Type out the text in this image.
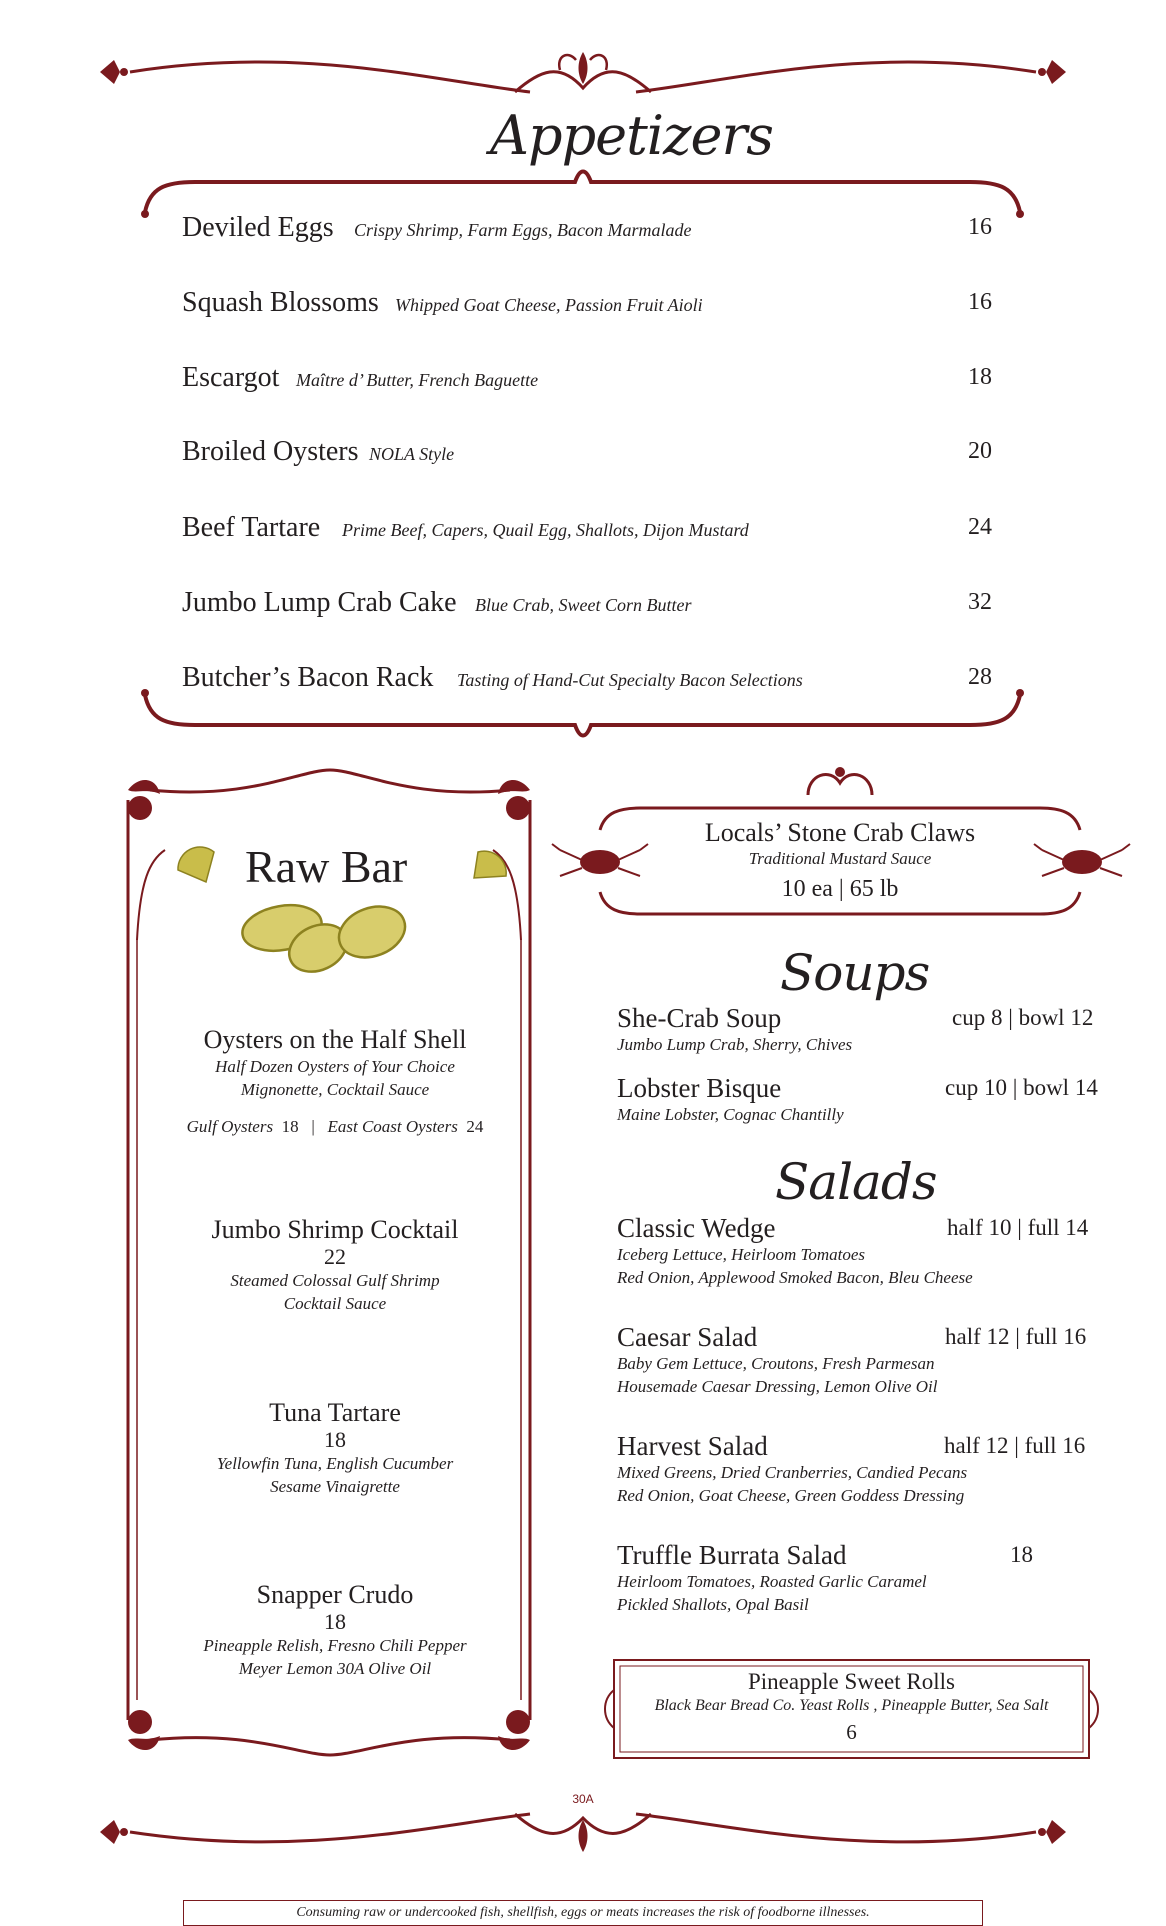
Appetizers
Deviled Eggs Crispy Shrimp, Farm Eggs, Bacon Marmalade	16
Squash Blossoms Whipped Goat Cheese, Passion Fruit Aioli	16
Escargot Maître d’ Butter, French Baguette	18
Broiled Oysters NOLA Style	20
Beef Tartare Prime Beef, Capers, Quail Egg, Shallots, Dijon Mustard	24
Jumbo Lump Crab Cake Blue Crab, Sweet Corn Butter	32
Butcher’s Bacon Rack Tasting of Hand-Cut Specialty Bacon Selections	28
Raw Bar
Oysters on the Half Shell
Half Dozen Oysters of Your Choice
Mignonette, Cocktail Sauce
Gulf Oysters 18 | East Coast Oysters 24
Jumbo Shrimp Cocktail
22
Steamed Colossal Gulf Shrimp
Cocktail Sauce
Tuna Tartare
18
Yellowfin Tuna, English Cucumber
Sesame Vinaigrette
Snapper Crudo
18
Pineapple Relish, Fresno Chili Pepper
Meyer Lemon 30A Olive Oil
Locals’ Stone Crab Claws
Traditional Mustard Sauce
10 ea | 65 lb
Soups
She-Crab Soup
Jumbo Lump Crab, Sherry, Chives
cup 8 | bowl 12
Lobster Bisque
Maine Lobster, Cognac Chantilly
cup 10 | bowl 14
Salads
Classic Wedge
Iceberg Lettuce, Heirloom Tomatoes
Red Onion, Applewood Smoked Bacon, Bleu Cheese
half 10 | full 14
Caesar Salad
Baby Gem Lettuce, Croutons, Fresh Parmesan
Housemade Caesar Dressing, Lemon Olive Oil
half 12 | full 16
Harvest Salad
Mixed Greens, Dried Cranberries, Candied Pecans
Red Onion, Goat Cheese, Green Goddess Dressing
half 12 | full 16
Truffle Burrata Salad
Heirloom Tomatoes, Roasted Garlic Caramel
Pickled Shallots, Opal Basil
18
Pineapple Sweet Rolls
Black Bear Bread Co. Yeast Rolls , Pineapple Butter, Sea Salt
6
30A
Consuming raw or undercooked fish, shellfish, eggs or meats increases the risk of foodborne illnesses.
